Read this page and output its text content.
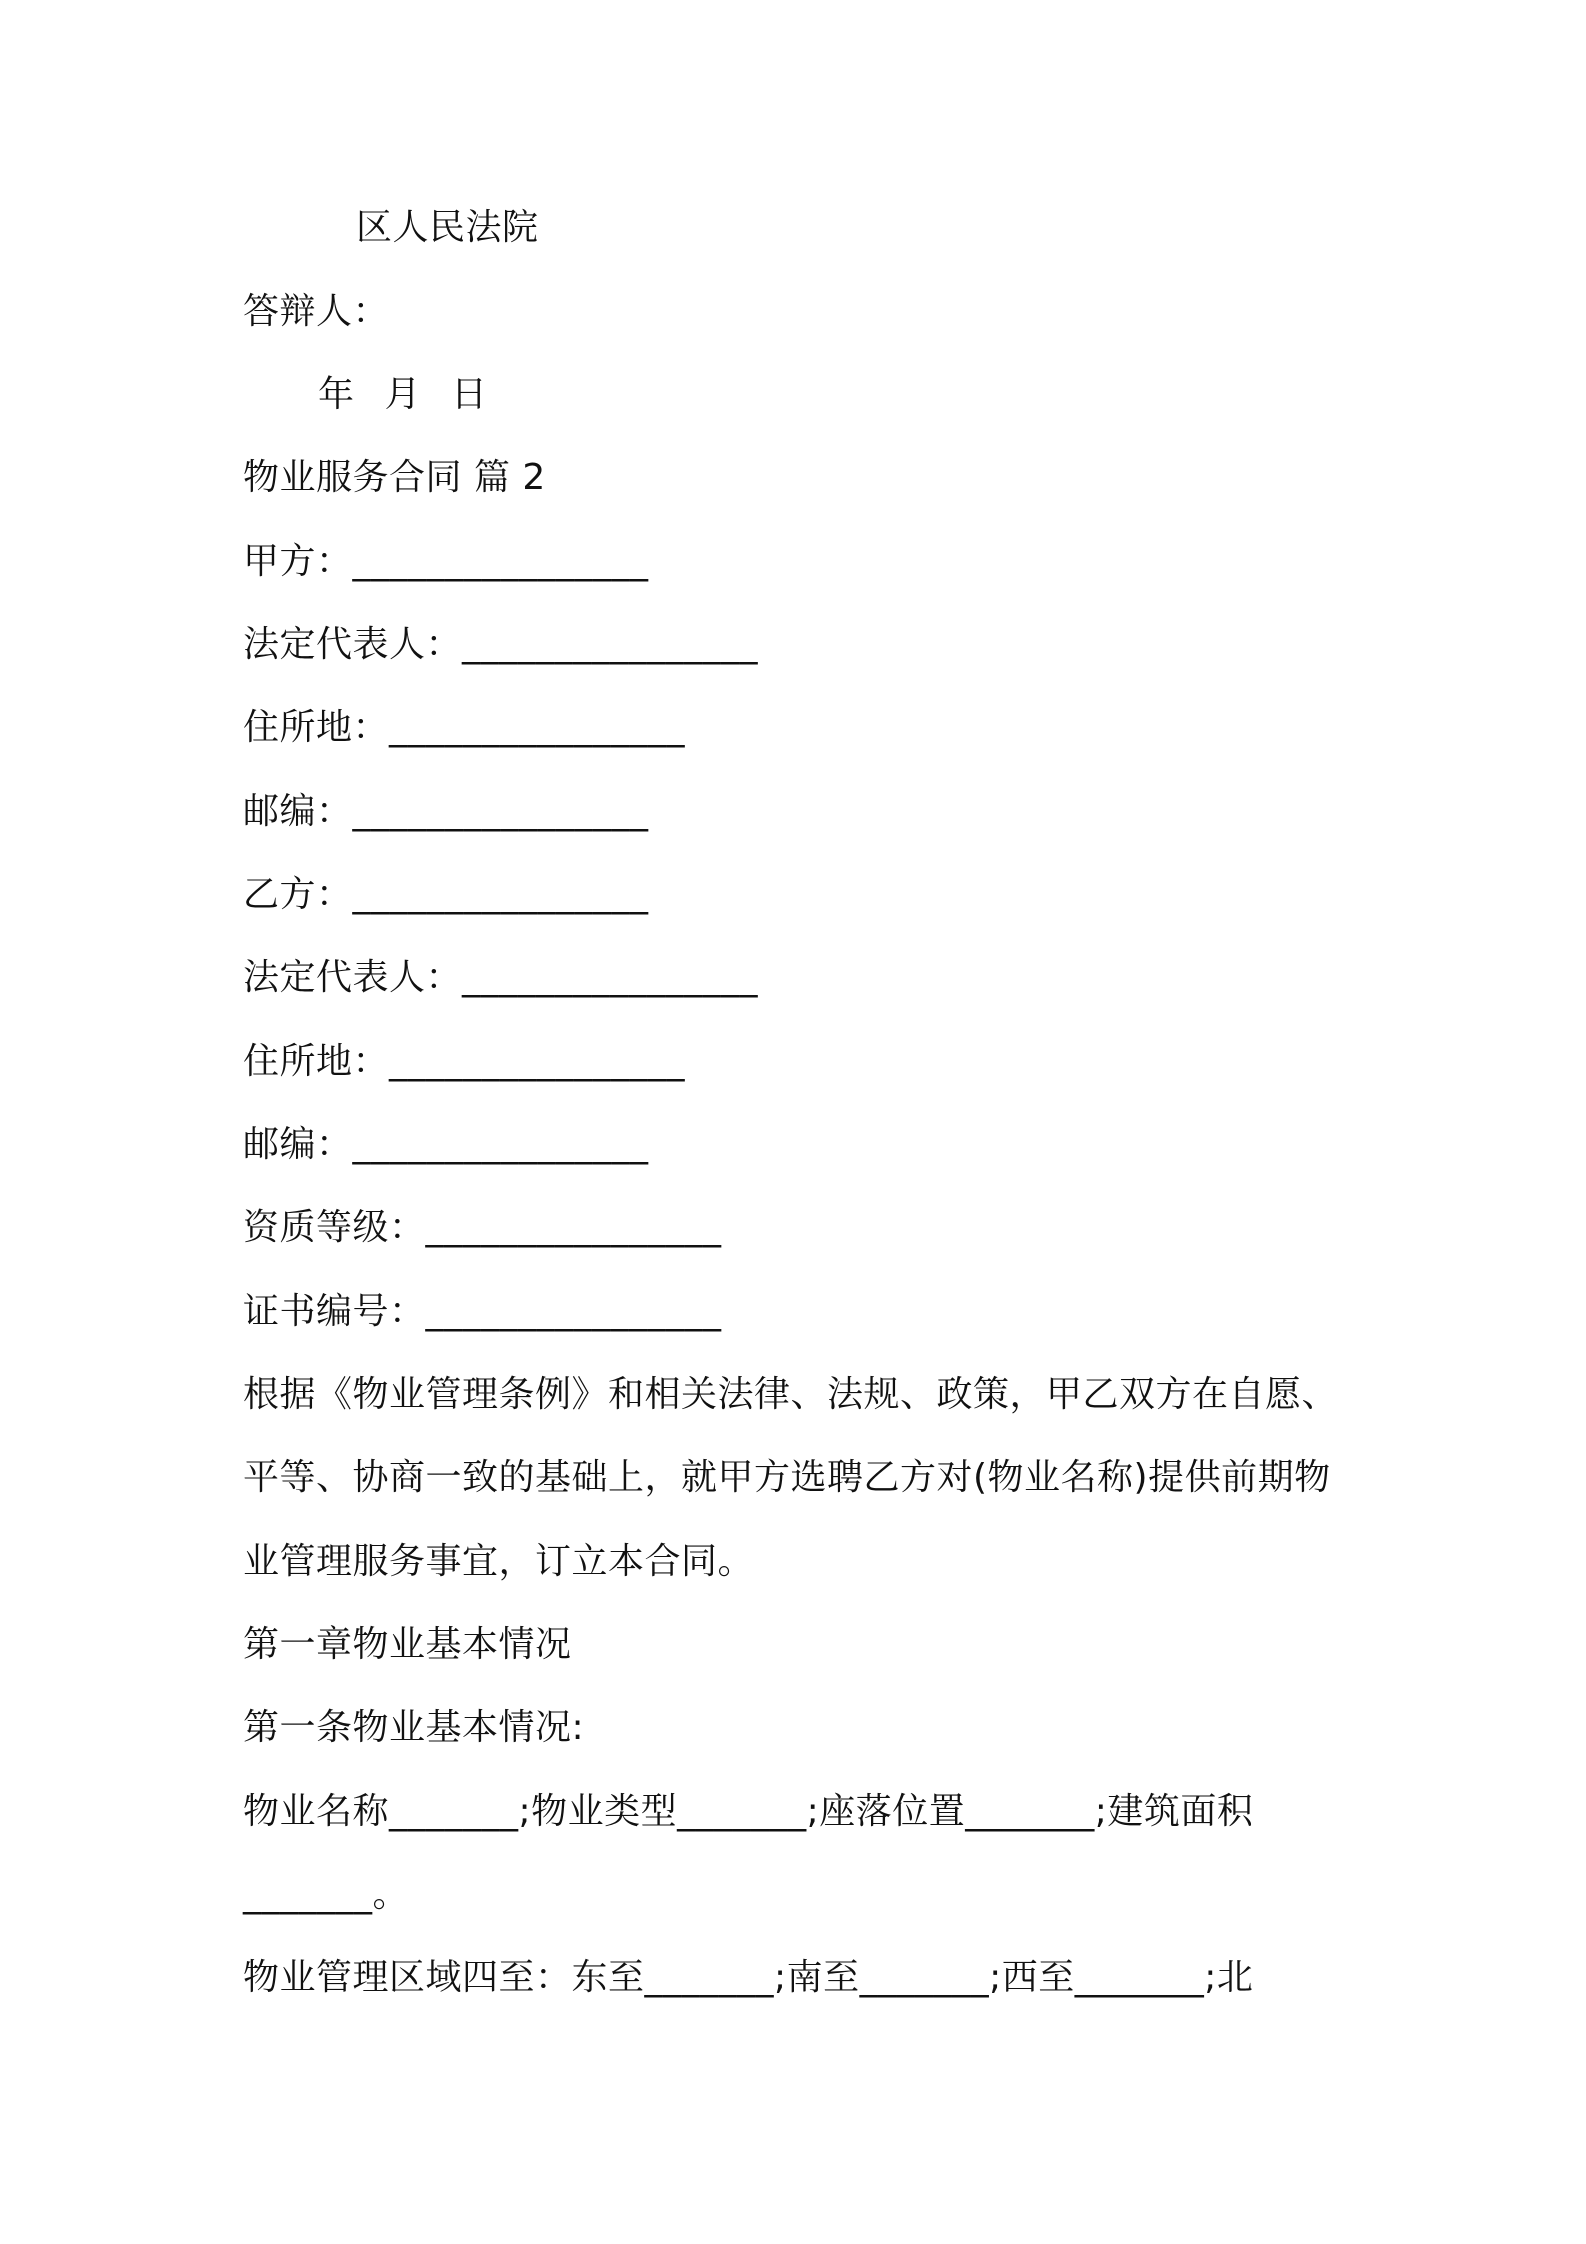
区人民法院
答辩人：
年 月 日
物业服务合同 篇 2
甲方：________________
法定代表人：________________
住所地：________________
邮编：________________
乙方：________________
法定代表人：________________
住所地：________________
邮编：________________
资质等级：________________
证书编号：________________
根据《物业管理条例》和相关法律、法规、政策，甲乙双方在自愿、
平等、协商一致的基础上，就甲方选聘乙方对(物业名称)提供前期物
业管理服务事宜，订立本合同。
第一章物业基本情况
第一条物业基本情况:
物业名称_______;物业类型_______;座落位置_______;建筑面积
_______。
物业管理区域四至：东至_______;南至_______;西至_______;北
